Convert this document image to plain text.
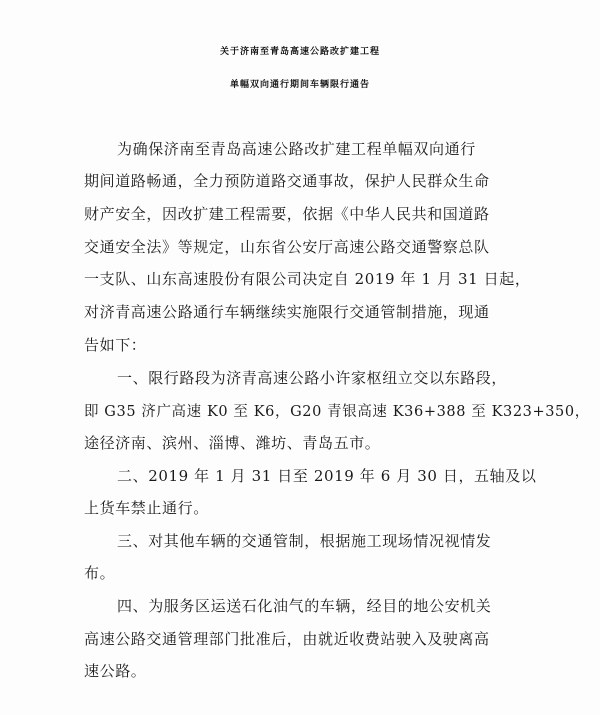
关于济南至青岛高速公路改扩建工程
单幅双向通行期间车辆限行通告
为确保济南至青岛高速公路改扩建工程单幅双向通行
期间道路畅通，全力预防道路交通事故，保护人民群众生命
财产安全，因改扩建工程需要，依据《中华人民共和国道路
交通安全法》等规定，山东省公安厅高速公路交通警察总队
一支队、山东高速股份有限公司决定自 2019 年 1 月 31 日起，
对济青高速公路通行车辆继续实施限行交通管制措施，现通
告如下：
一、限行路段为济青高速公路小许家枢纽立交以东路段，
即 G35 济广高速 K0 至 K6，G20 青银高速 K36+388 至 K323+350，
途径济南、滨州、淄博、潍坊、青岛五市。
二、2019 年 1 月 31 日至 2019 年 6 月 30 日，五轴及以
上货车禁止通行。
三、对其他车辆的交通管制，根据施工现场情况视情发
布。
四、为服务区运送石化油气的车辆，经目的地公安机关
高速公路交通管理部门批准后，由就近收费站驶入及驶离高
速公路。
